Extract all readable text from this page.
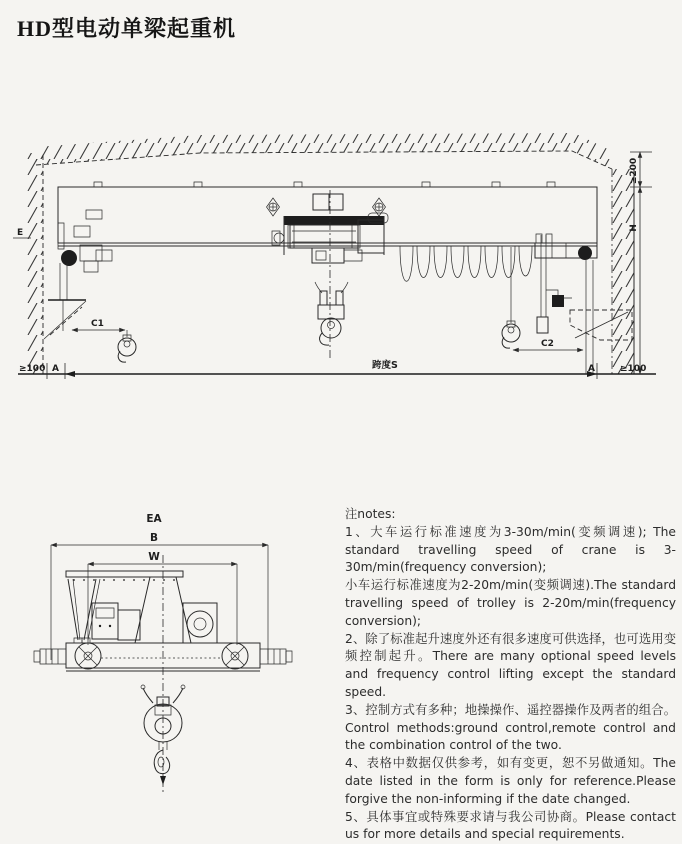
HD型电动单梁起重机
E
≥100 A	跨度S	A	≥100
C1
C2
≥200
H
EA
B
W

注notes:

1、大车运行标准速度为3-30m/min(变频调速); The standard travelling speed of crane is 3-30m/min(frequency conversion);

小车运行标准速度为2-20m/min(变频调速).The standard travelling speed of trolley is 2-20m/min(frequency conversion);

2、除了标准起升速度外还有很多速度可供选择，也可选用变频控制起升。There are many optional speed levels and frequency control lifting except the standard speed.

3、控制方式有多种；地操操作、遥控器操作及两者的组合。Control methods:ground control,remote control and the combination control of the two.

4、表格中数据仅供参考，如有变更，恕不另做通知。The date listed in the form is only for reference.Please forgive the non-informing if the date changed.

5、具体事宜或特殊要求请与我公司协商。Please contact us for more details and special requirements.
